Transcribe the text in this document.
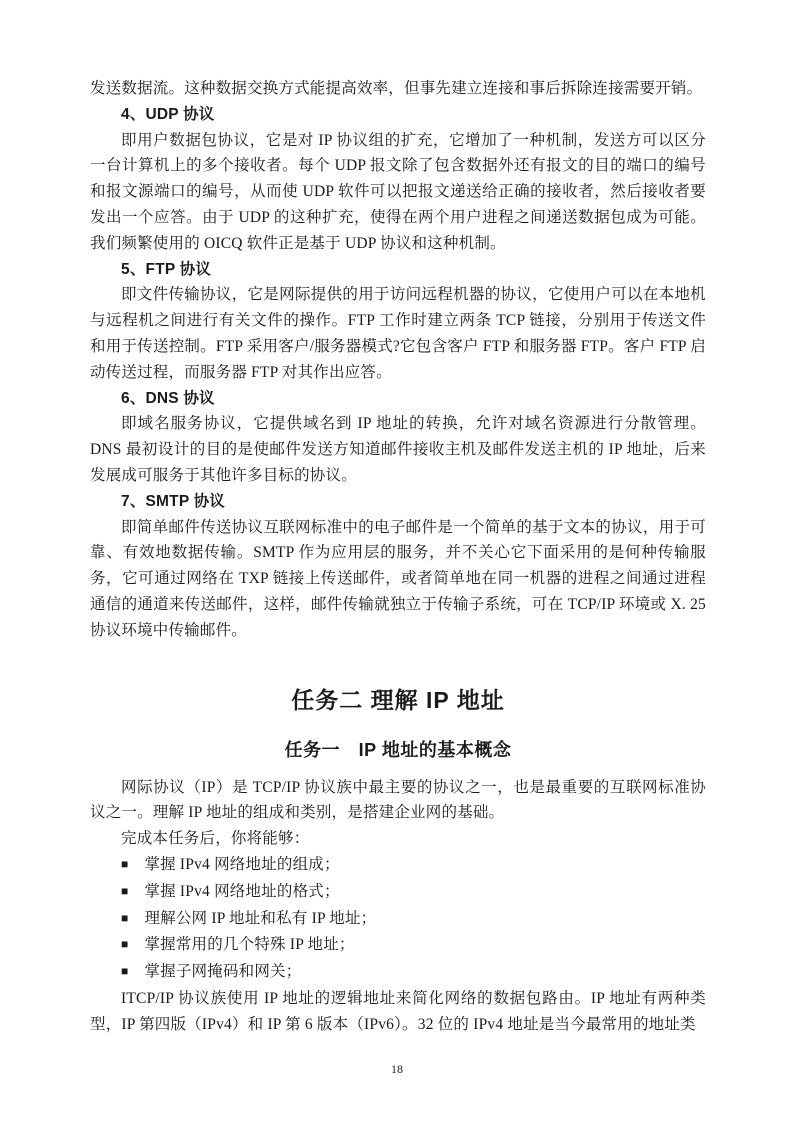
发送数据流。这种数据交换方式能提高效率，但事先建立连接和事后拆除连接需要开销。

4、UDP 协议

即用户数据包协议，它是对 IP 协议组的扩充，它增加了一种机制，发送方可以区分一台计算机上的多个接收者。每个 UDP 报文除了包含数据外还有报文的目的端口的编号和报文源端口的编号，从而使 UDP 软件可以把报文递送给正确的接收者，然后接收者要发出一个应答。由于 UDP 的这种扩充，使得在两个用户进程之间递送数据包成为可能。我们频繁使用的 OICQ 软件正是基于 UDP 协议和这种机制。

5、FTP 协议

即文件传输协议，它是网际提供的用于访问远程机器的协议，它使用户可以在本地机与远程机之间进行有关文件的操作。FTP 工作时建立两条 TCP 链接，分别用于传送文件和用于传送控制。FTP 采用客户/服务器模式?它包含客户 FTP 和服务器 FTP。客户 FTP 启动传送过程，而服务器 FTP 对其作出应答。

6、DNS 协议

即域名服务协议，它提供域名到 IP 地址的转换，允许对域名资源进行分散管理。DNS 最初设计的目的是使邮件发送方知道邮件接收主机及邮件发送主机的 IP 地址，后来发展成可服务于其他许多目标的协议。

7、SMTP 协议

即简单邮件传送协议互联网标准中的电子邮件是一个简单的基于文本的协议，用于可靠、有效地数据传输。SMTP 作为应用层的服务，并不关心它下面采用的是何种传输服务，它可通过网络在 TXP 链接上传送邮件，或者简单地在同一机器的进程之间通过进程通信的通道来传送邮件，这样，邮件传输就独立于传输子系统，可在 TCP/IP 环境或 X. 25 协议环境中传输邮件。

任务二 理解 IP 地址
任务一　IP 地址的基本概念

网际协议（IP）是 TCP/IP 协议族中最主要的协议之一，也是最重要的互联网标准协议之一。理解 IP 地址的组成和类别，是搭建企业网的基础。

完成本任务后，你将能够：

■ 掌握 IPv4 网络地址的组成；
■ 掌握 IPv4 网络地址的格式；
■ 理解公网 IP 地址和私有 IP 地址；
■ 掌握常用的几个特殊 IP 地址；
■ 掌握子网掩码和网关；

ITCP/IP 协议族使用 IP 地址的逻辑地址来简化网络的数据包路由。IP 地址有两种类型，IP 第四版（IPv4）和 IP 第 6 版本（IPv6）。32 位的 IPv4 地址是当今最常用的地址类

18
